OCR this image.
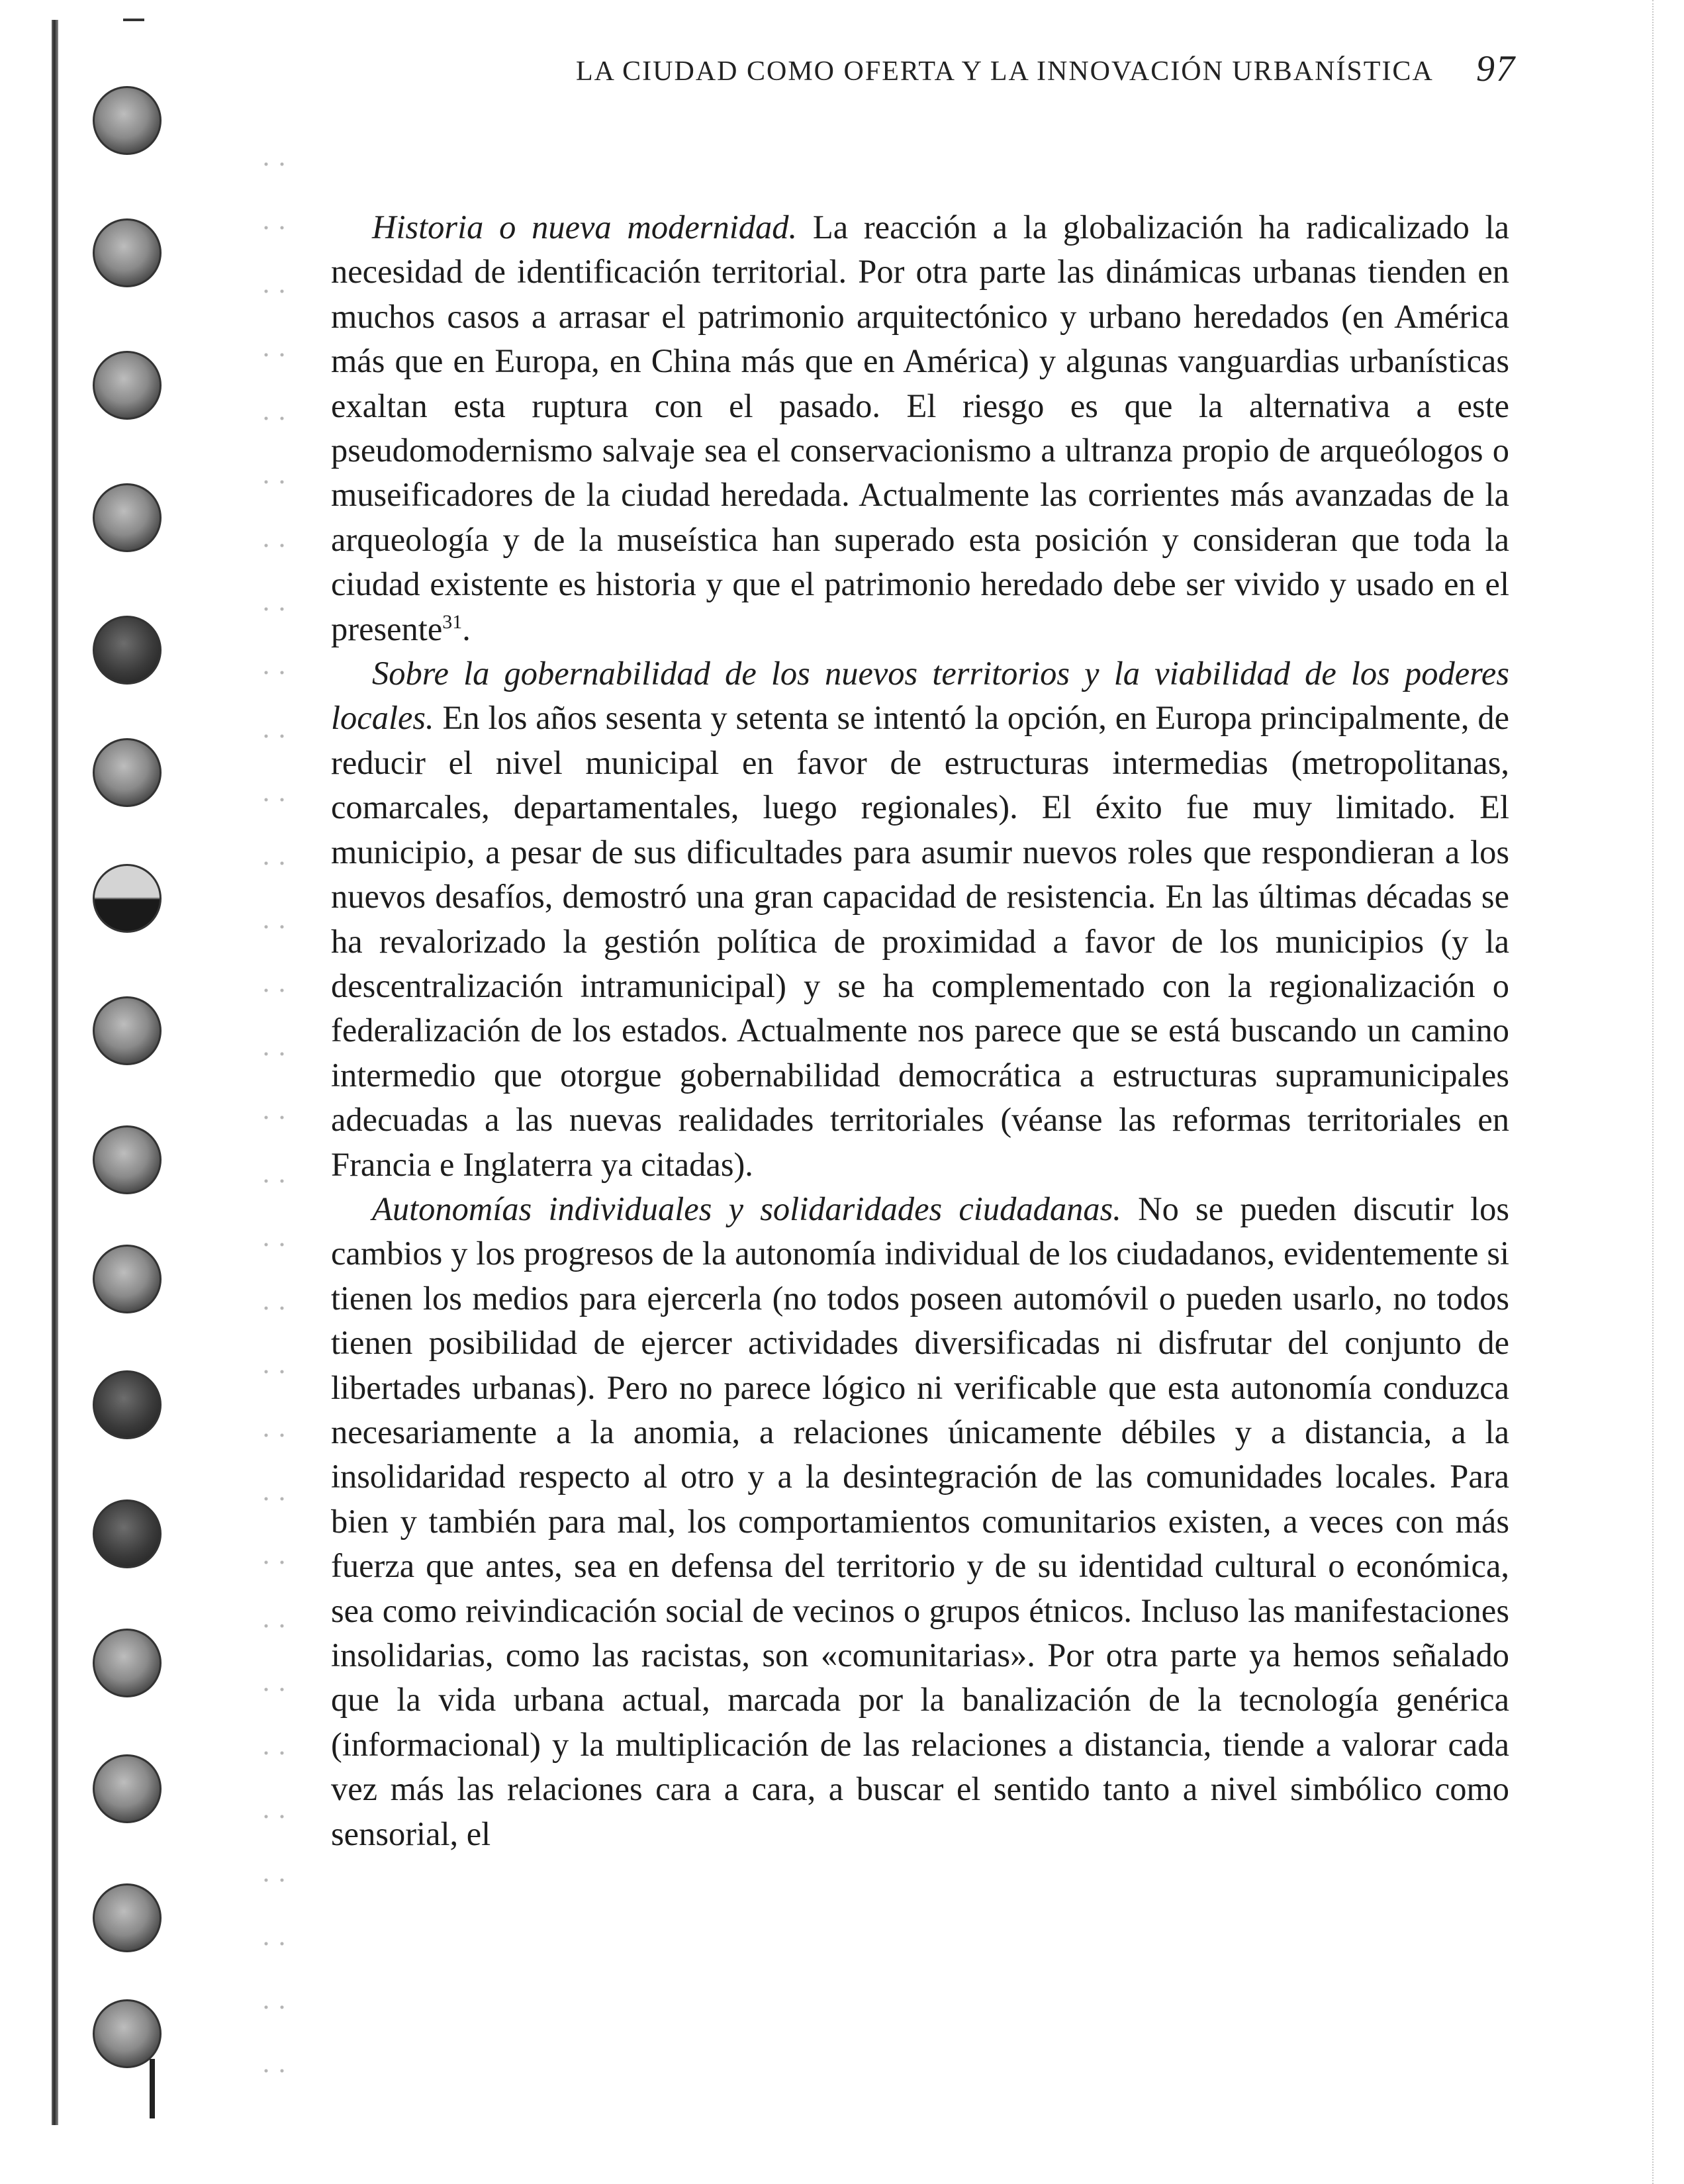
LA CIUDAD COMO OFERTA Y LA INNOVACIÓN URBANÍSTICA 97

Historia o nueva modernidad. La reacción a la globalización ha radicalizado la necesidad de identificación territorial. Por otra parte las dinámicas urbanas tienden en muchos casos a arrasar el patrimonio arquitectónico y urbano heredados (en América más que en Europa, en China más que en América) y algunas vanguardias urbanísticas exaltan esta ruptura con el pasado. El riesgo es que la alternativa a este pseudomodernismo salvaje sea el conservacionismo a ultranza propio de arqueólogos o museificadores de la ciudad heredada. Actualmente las corrientes más avanzadas de la arqueología y de la museística han superado esta posición y consideran que toda la ciudad existente es historia y que el patrimonio heredado debe ser vivido y usado en el presente$^{31}$.

Sobre la gobernabilidad de los nuevos territorios y la viabilidad de los poderes locales. En los años sesenta y setenta se intentó la opción, en Europa principalmente, de reducir el nivel municipal en favor de estructuras intermedias (metropolitanas, comarcales, departamentales, luego regionales). El éxito fue muy limitado. El municipio, a pesar de sus dificultades para asumir nuevos roles que respondieran a los nuevos desafíos, demostró una gran capacidad de resistencia. En las últimas décadas se ha revalorizado la gestión política de proximidad a favor de los municipios (y la descentralización intramunicipal) y se ha complementado con la regionalización o federalización de los estados. Actualmente nos parece que se está buscando un camino intermedio que otorgue gobernabilidad democrática a estructuras supramunicipales adecuadas a las nuevas realidades territoriales (véanse las reformas territoriales en Francia e Inglaterra ya citadas).

Autonomías individuales y solidaridades ciudadanas. No se pueden discutir los cambios y los progresos de la autonomía individual de los ciudadanos, evidentemente si tienen los medios para ejercerla (no todos poseen automóvil o pueden usarlo, no todos tienen posibilidad de ejercer actividades diversificadas ni disfrutar del conjunto de libertades urbanas). Pero no parece lógico ni verificable que esta autonomía conduzca necesariamente a la anomia, a relaciones únicamente débiles y a distancia, a la insolidaridad respecto al otro y a la desintegración de las comunidades locales. Para bien y también para mal, los comportamientos comunitarios existen, a veces con más fuerza que antes, sea en defensa del territorio y de su identidad cultural o económica, sea como reivindicación social de vecinos o grupos étnicos. Incluso las manifestaciones insolidarias, como las racistas, son «comunitarias». Por otra parte ya hemos señalado que la vida urbana actual, marcada por la banalización de la tecnología genérica (informacional) y la multiplicación de las relaciones a distancia, tiende a valorar cada vez más las relaciones cara a cara, a buscar el sentido tanto a nivel simbólico como sensorial, el
